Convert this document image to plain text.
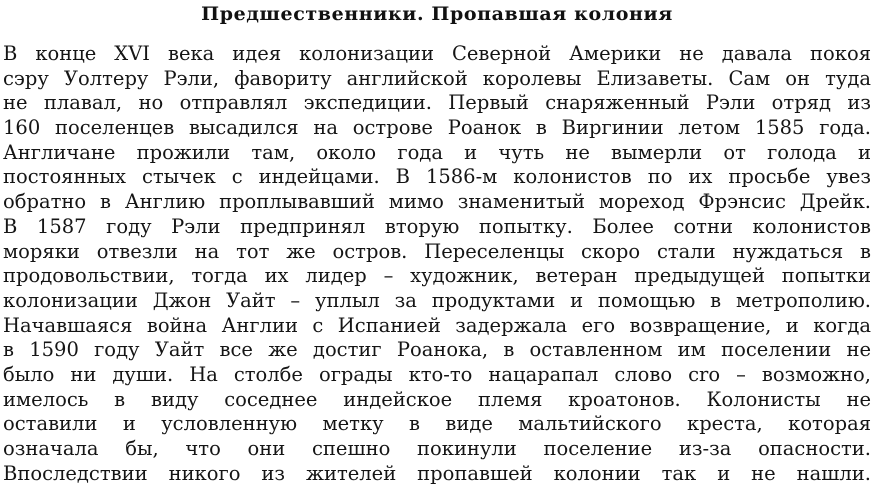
Предшественники. Пропавшая колония
В конце XVI века идея колонизации Северной Америки не давала покоя
сэру Уолтеру Рэли, фавориту английской королевы Елизаветы. Сам он туда
не плавал, но отправлял экспедиции. Первый снаряженный Рэли отряд из
160 поселенцев высадился на острове Роанок в Виргинии летом 1585 года.
Англичане прожили там, около года и чуть не вымерли от голода и
постоянных стычек с индейцами. В 1586-м колонистов по их просьбе увез
обратно в Англию проплывавший мимо знаменитый мореход Фрэнсис Дрейк.
В 1587 году Рэли предпринял вторую попытку. Более сотни колонистов
моряки отвезли на тот же остров. Переселенцы скоро стали нуждаться в
продовольствии, тогда их лидер – художник, ветеран предыдущей попытки
колонизации Джон Уайт – уплыл за продуктами и помощью в метрополию.
Начавшаяся война Англии с Испанией задержала его возвращение, и когда
в 1590 году Уайт все же достиг Роанока, в оставленном им поселении не
было ни души. На столбе ограды кто-то нацарапал слово cro – возможно,
имелось в виду соседнее индейское племя кроатонов. Колонисты не
оставили и условленную метку в виде мальтийского креста, которая
означала бы, что они спешно покинули поселение из-за опасности.
Впоследствии никого из жителей пропавшей колонии так и не нашли.
